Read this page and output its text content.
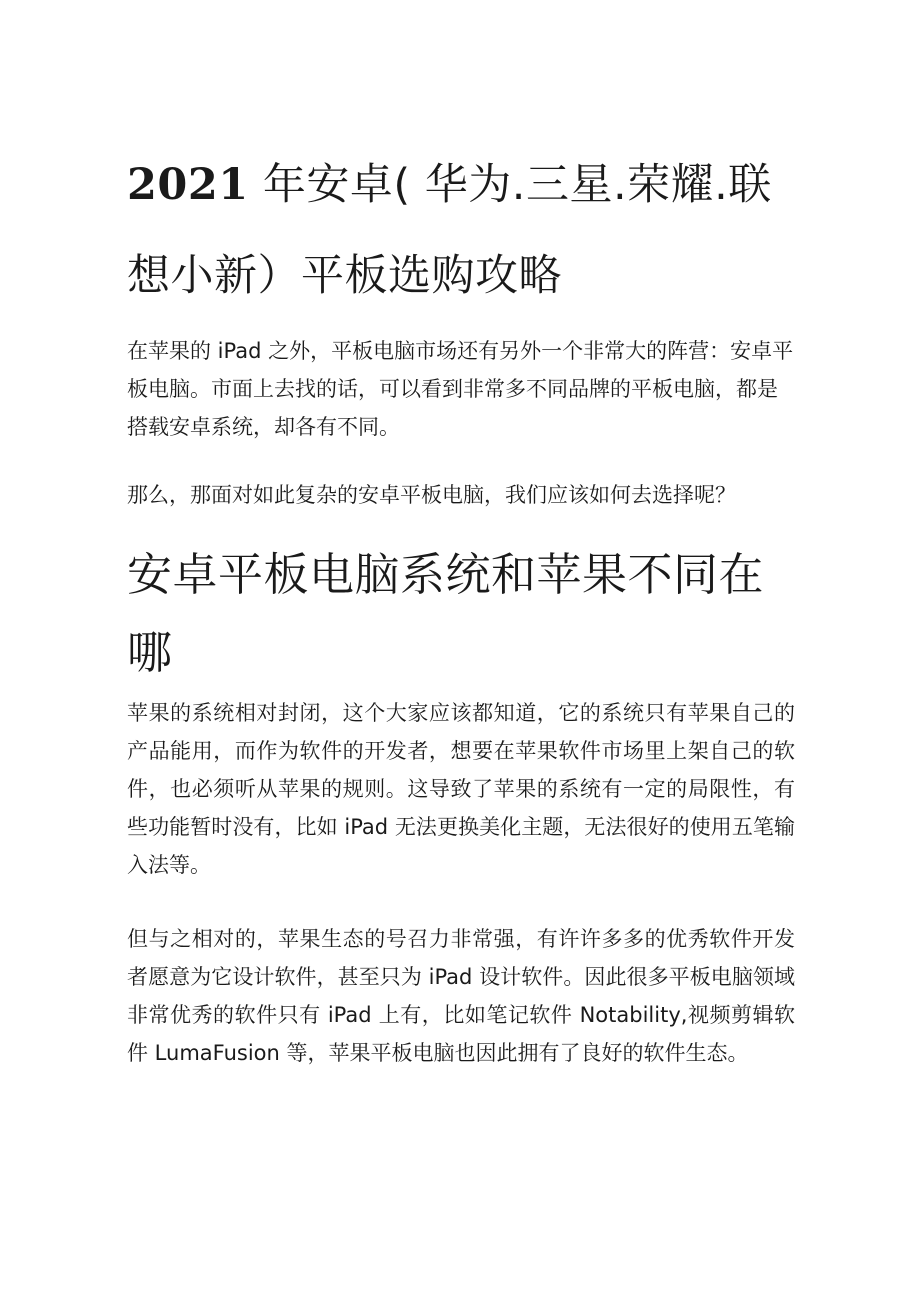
2021 年安卓( 华为.三星.荣耀.联想小新）平板选购攻略

在苹果的 iPad 之外，平板电脑市场还有另外一个非常大的阵营：安卓平板电脑。市面上去找的话，可以看到非常多不同品牌的平板电脑，都是搭载安卓系统，却各有不同。

那么，那面对如此复杂的安卓平板电脑，我们应该如何去选择呢？

安卓平板电脑系统和苹果不同在哪

苹果的系统相对封闭，这个大家应该都知道，它的系统只有苹果自己的产品能用，而作为软件的开发者，想要在苹果软件市场里上架自己的软件，也必须听从苹果的规则。这导致了苹果的系统有一定的局限性，有些功能暂时没有，比如 iPad 无法更换美化主题，无法很好的使用五笔输入法等。

但与之相对的，苹果生态的号召力非常强，有许许多多的优秀软件开发者愿意为它设计软件，甚至只为 iPad 设计软件。因此很多平板电脑领域非常优秀的软件只有 iPad 上有，比如笔记软件 Notability,视频剪辑软件 LumaFusion 等，苹果平板电脑也因此拥有了良好的软件生态。
